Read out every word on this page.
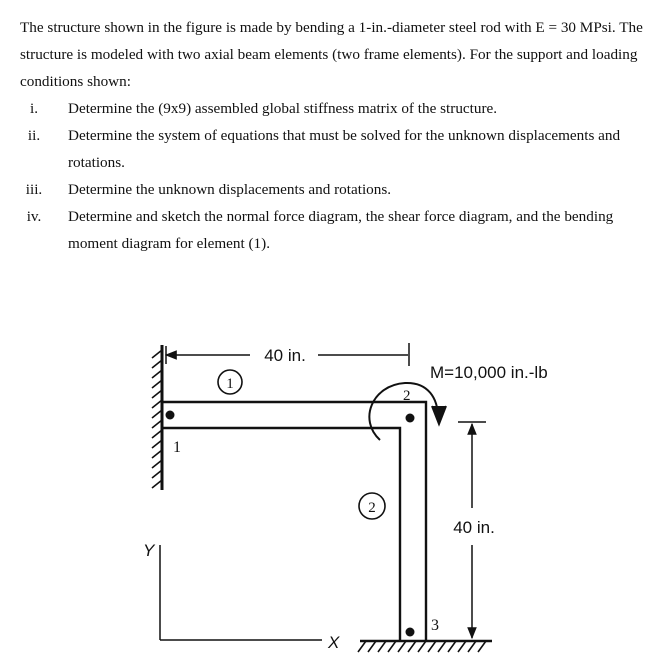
The structure shown in the figure is made by bending a 1-in.-diameter steel rod with E = 30 MPsi. The structure is modeled with two axial beam elements (two frame elements). For the support and loading conditions shown:

i.	Determine the (9x9) assembled global stiffness matrix of the structure.
ii.	Determine the system of equations that must be solved for the unknown displacements and rotations.
iii.	Determine the unknown displacements and rotations.
iv.	Determine and sketch the normal force diagram, the shear force diagram, and the bending moment diagram for element (1).
1
2
3
1
2
40 in.
M=10,000 in.-lb
40 in.
Y
X
